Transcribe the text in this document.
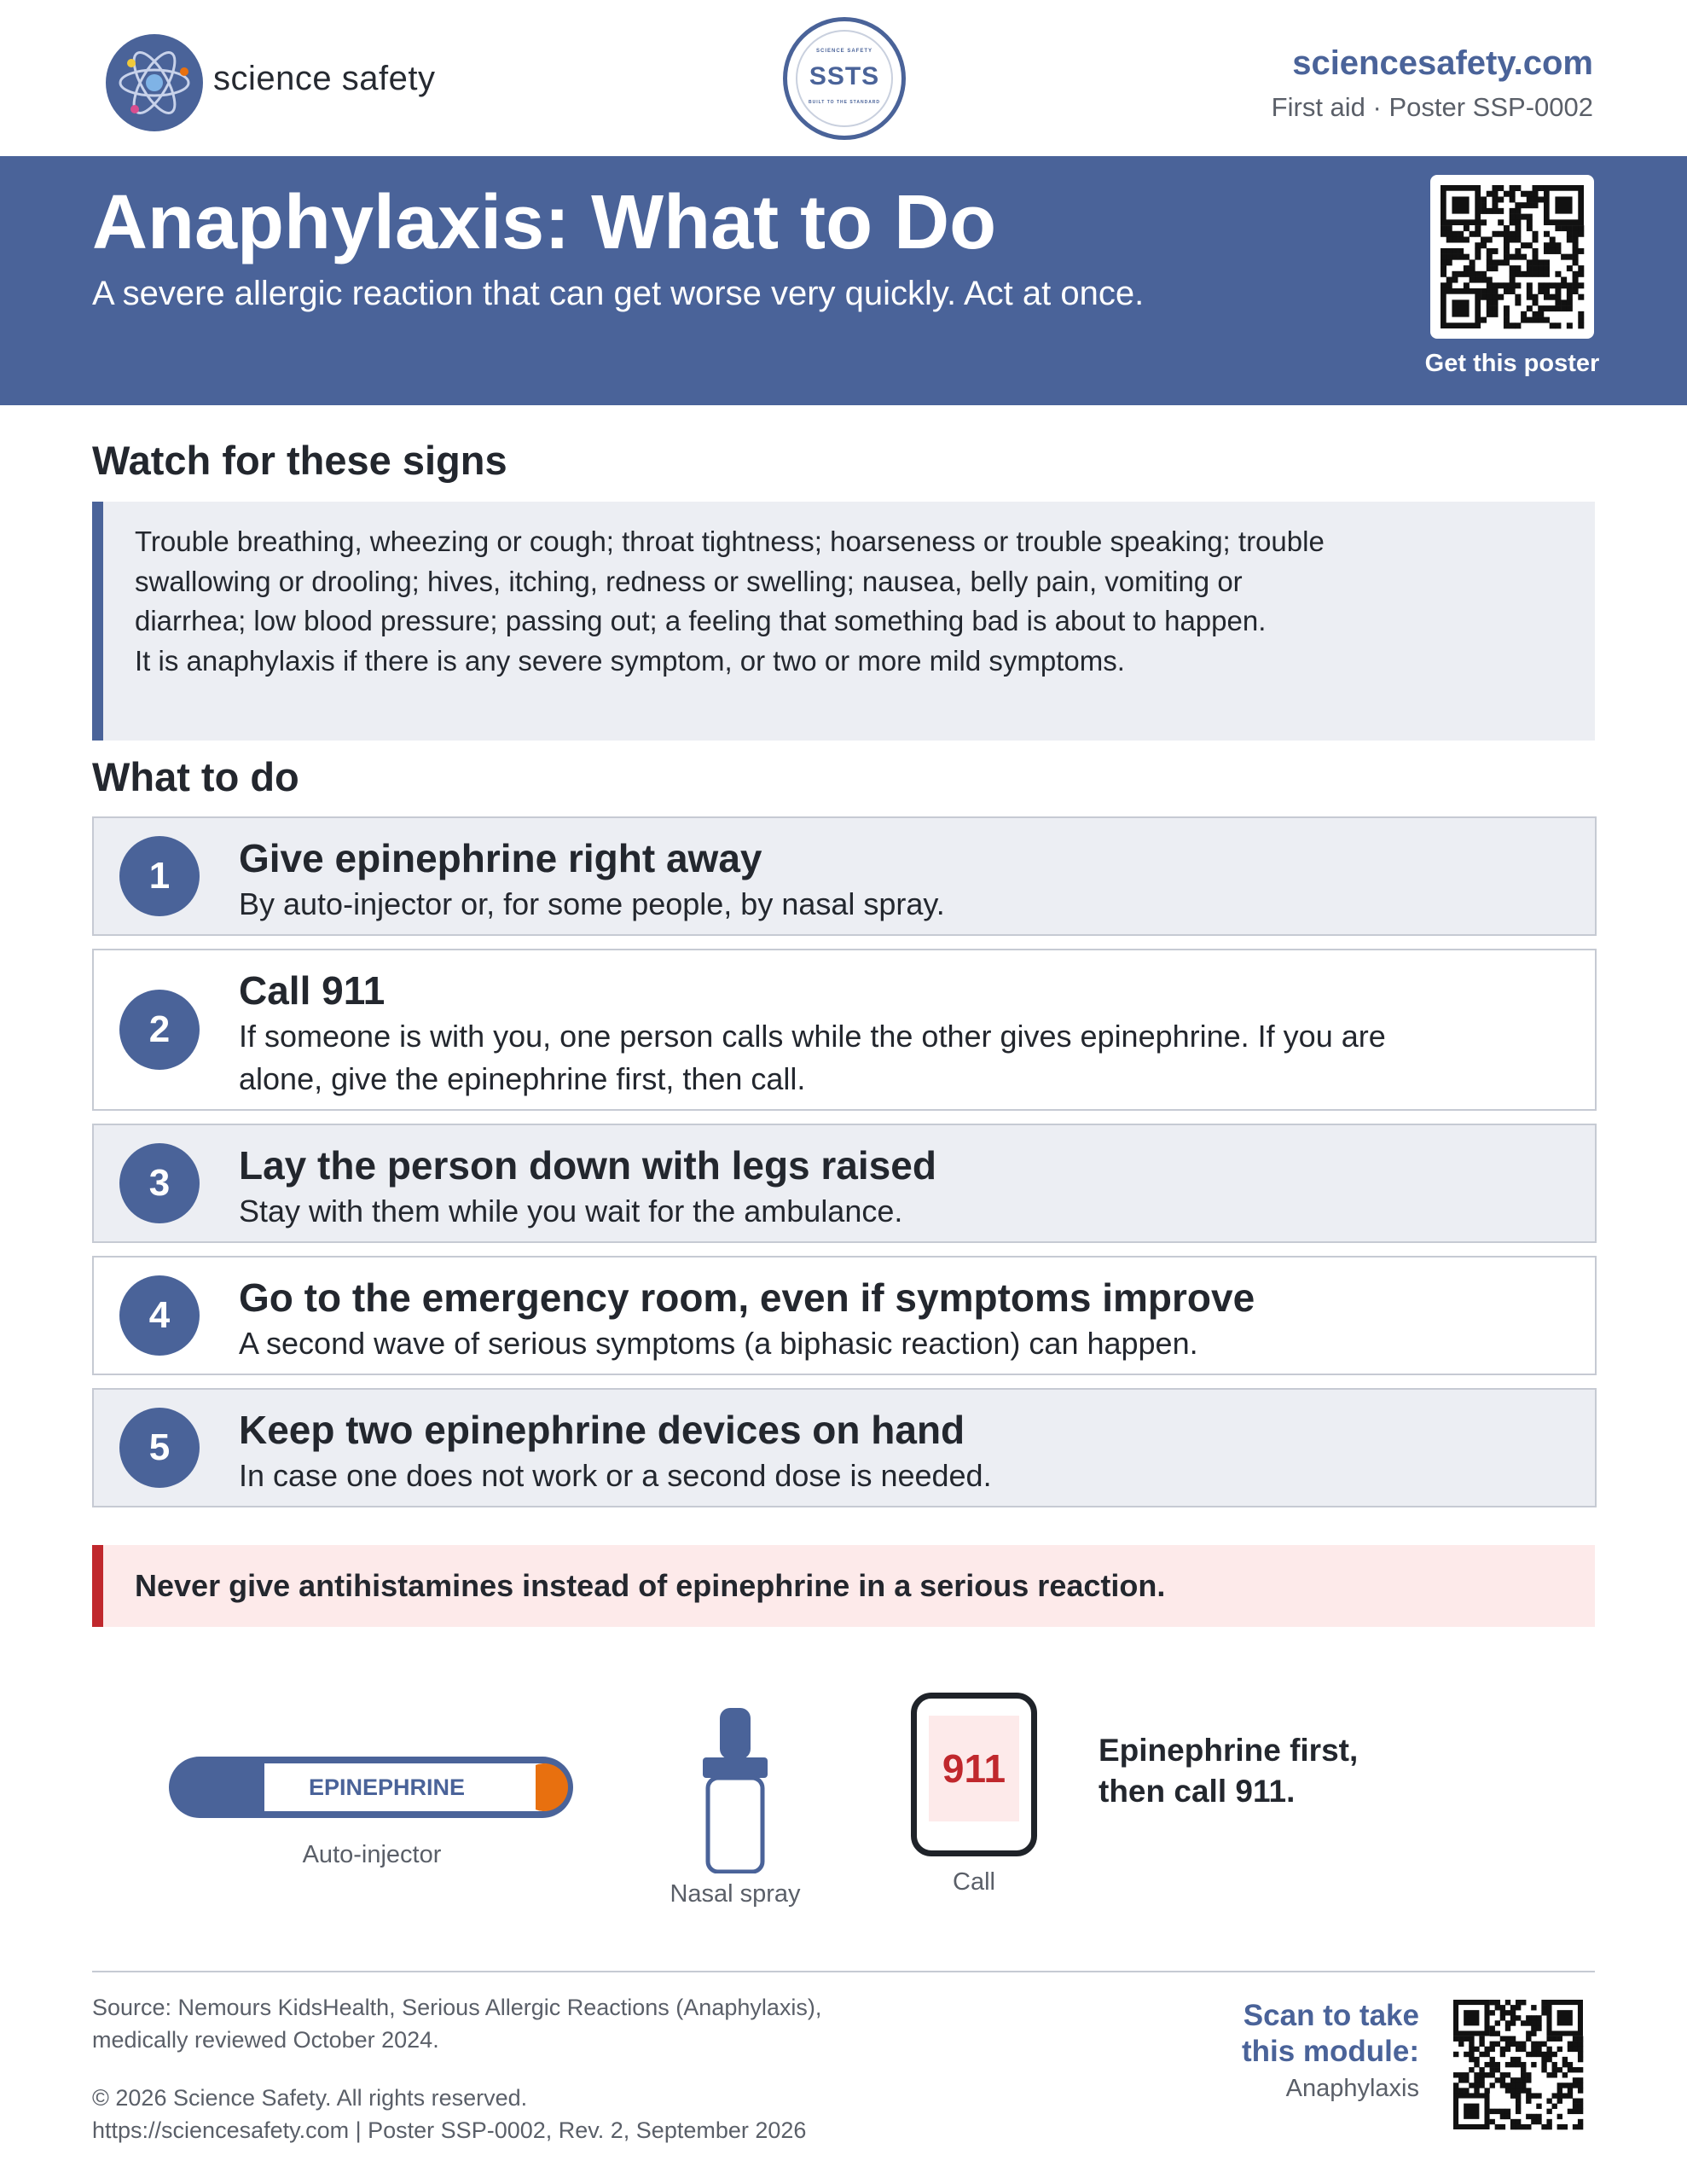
science safety
SCIENCE SAFETY
SSTS
BUILT TO THE STANDARD
sciencesafety.com
First aid · Poster SSP-0002
Anaphylaxis: What to Do
A severe allergic reaction that can get worse very quickly. Act at once.
Get this poster
Watch for these signs
Trouble breathing, wheezing or cough; throat tightness; hoarseness or trouble speaking; trouble swallowing or drooling; hives, itching, redness or swelling; nausea, belly pain, vomiting or diarrhea; low blood pressure; passing out; a feeling that something bad is about to happen.
It is anaphylaxis if there is any severe symptom, or two or more mild symptoms.
What to do
1	Give epinephrine right away
By auto-injector or, for some people, by nasal spray.
2
Call 911
If someone is with you, one person calls while the other gives epinephrine. If you are alone, give the epinephrine first, then call.
3	Lay the person down with legs raised
Stay with them while you wait for the ambulance.
4	Go to the emergency room, even if symptoms improve
A second wave of serious symptoms (a biphasic reaction) can happen.
5	Keep two epinephrine devices on hand
In case one does not work or a second dose is needed.
Never give antihistamines instead of epinephrine in a serious reaction.
EPINEPHRINE
Auto-injector
Nasal spray
911
Call
Epinephrine first,
then call 911.
Source: Nemours KidsHealth, Serious Allergic Reactions (Anaphylaxis),
medically reviewed October 2024.
© 2026 Science Safety. All rights reserved.
https://sciencesafety.com | Poster SSP-0002, Rev. 2, September 2026
Scan to take
this module:
Anaphylaxis
